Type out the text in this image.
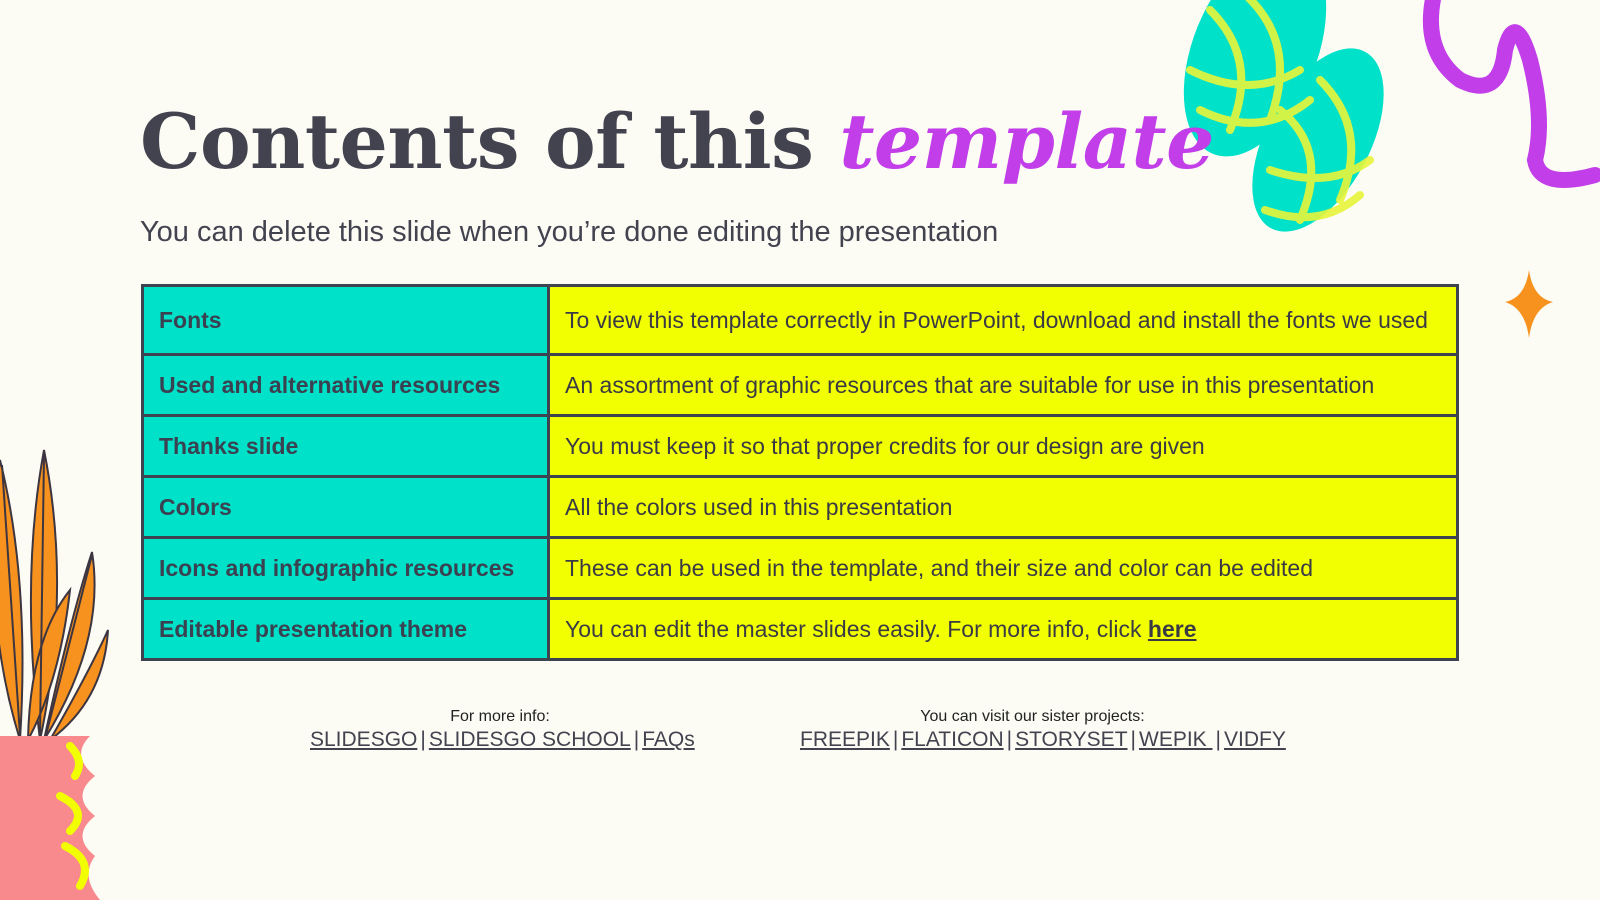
Contents of this template

You can delete this slide when you’re done editing the presentation

Fonts	To view this template correctly in PowerPoint, download and install the fonts we used
Used and alternative resources	An assortment of graphic resources that are suitable for use in this presentation
Thanks slide	You must keep it so that proper credits for our design are given
Colors	All the colors used in this presentation
Icons and infographic resources	These can be used in the template, and their size and color can be edited
Editable presentation theme	You can edit the master slides easily. For more info, click here
For more info:
SLIDESGO | SLIDESGO SCHOOL | FAQs
You can visit our sister projects:
FREEPIK | FLATICON | STORYSET | WEPIK | VIDFY
